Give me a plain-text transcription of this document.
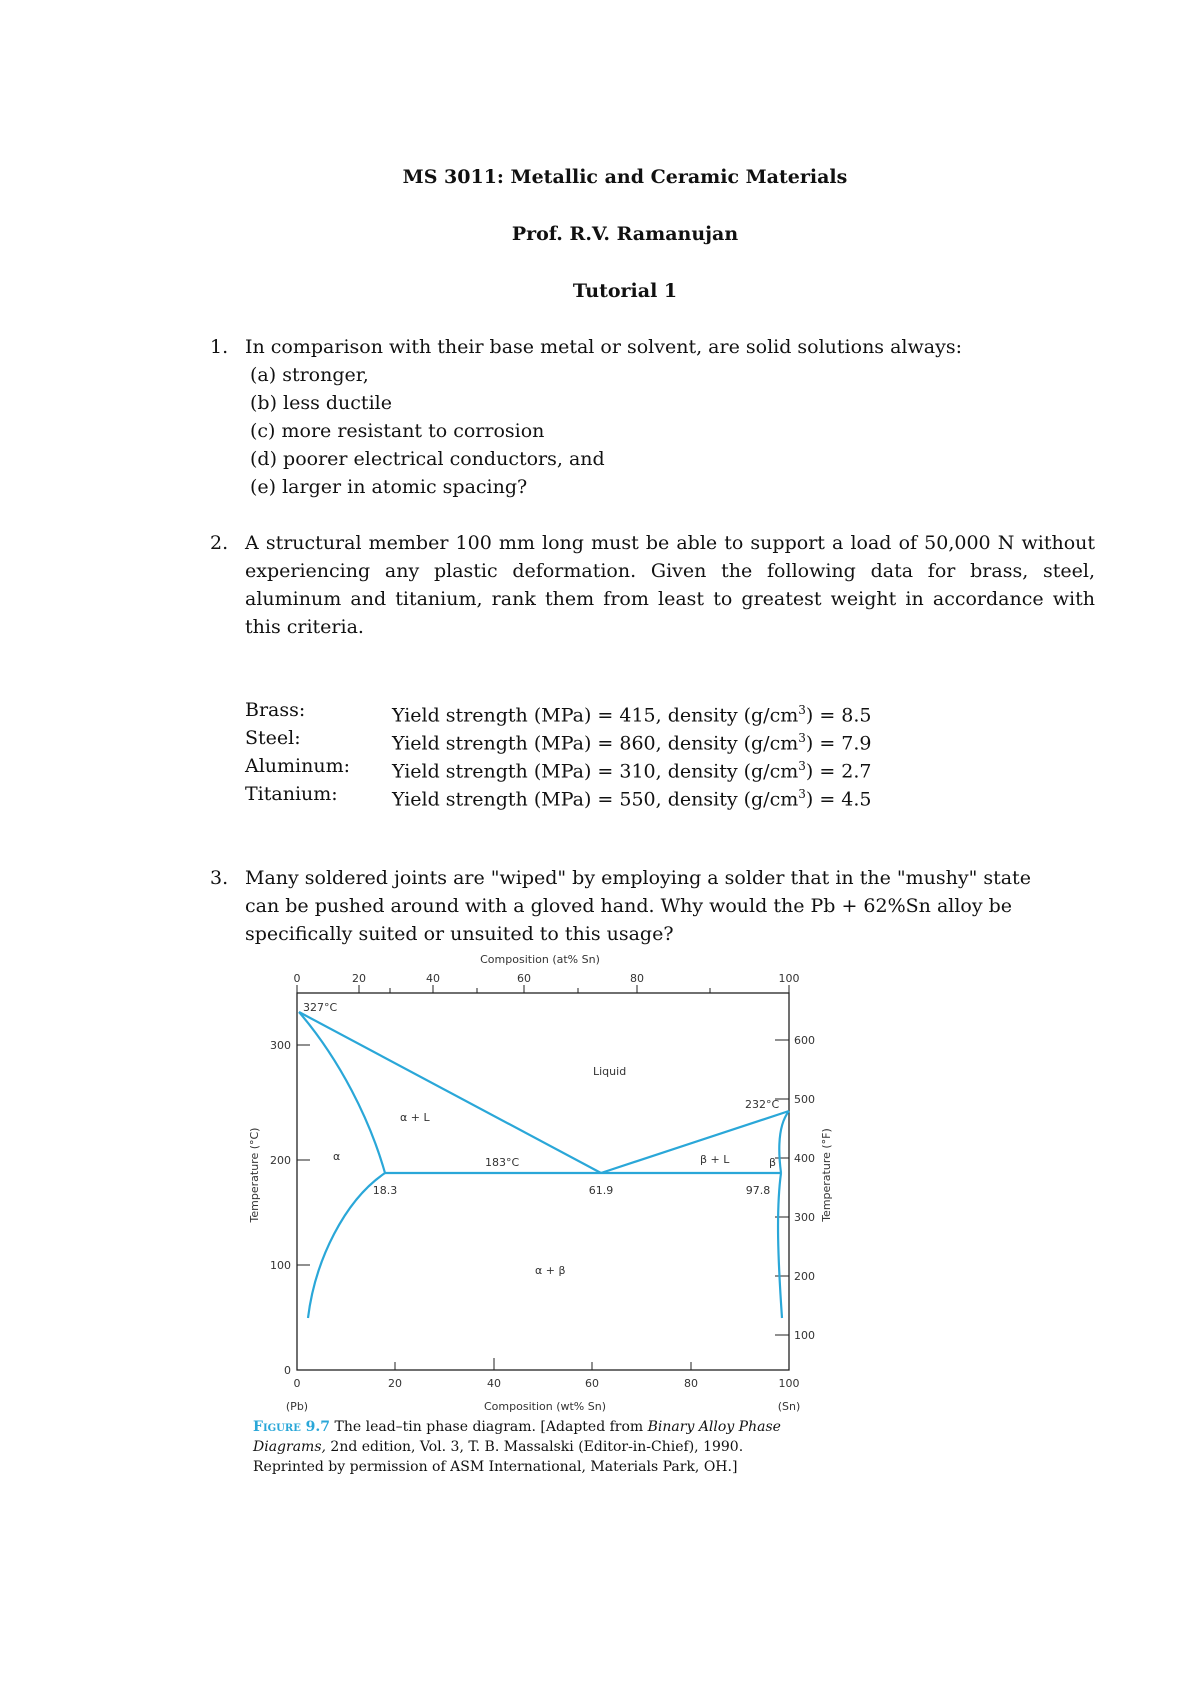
MS 3011: Metallic and Ceramic Materials
Prof. R.V. Ramanujan
Tutorial 1
1. In comparison with their base metal or solvent, are solid solutions always:
(a) stronger,
(b) less ductile
(c) more resistant to corrosion
(d) poorer electrical conductors, and
(e) larger in atomic spacing?
2. A structural member 100 mm long must be able to support a load of 50,000 N without experiencing any plastic deformation. Given the following data for brass, steel, aluminum and titanium, rank them from least to greatest weight in accordance with this criteria.
Brass:	Yield strength (MPa) = 415, density $(g/cm^3) = 8.5$
Steel:	Yield strength (MPa) = 860, density $(g/cm^3) = 7.9$
Aluminum: Yield strength (MPa) = 310, density $(g/cm^3) = 2.7$
Titanium:	Yield strength (MPa) = 550, density $(g/cm^3) = 4.5$
3. Many soldered joints are "wiped" by employing a solder that in the "mushy" state
can be pushed around with a gloved hand. Why would the Pb + 62%Sn alloy be
specifically suited or unsuited to this usage?
Composition (at% Sn)
0	20	40	60	80	100
0	20	40	60	80	100
(Pb)	Composition (wt% Sn)	(Sn)
0
100
200
300
Temperature (°C)
100
200
300
400
500
600
Temperature (°F)
327°C
232°C
Liquid
α + L
β + L
183°C
α	β
α + β
18.3	61.9	97.8
Figure 9.7 The lead–tin phase diagram. [Adapted from Binary Alloy Phase Diagrams, 2nd edition, Vol. 3, T. B. Massalski (Editor-in-Chief), 1990. Reprinted by permission of ASM International, Materials Park, OH.]
